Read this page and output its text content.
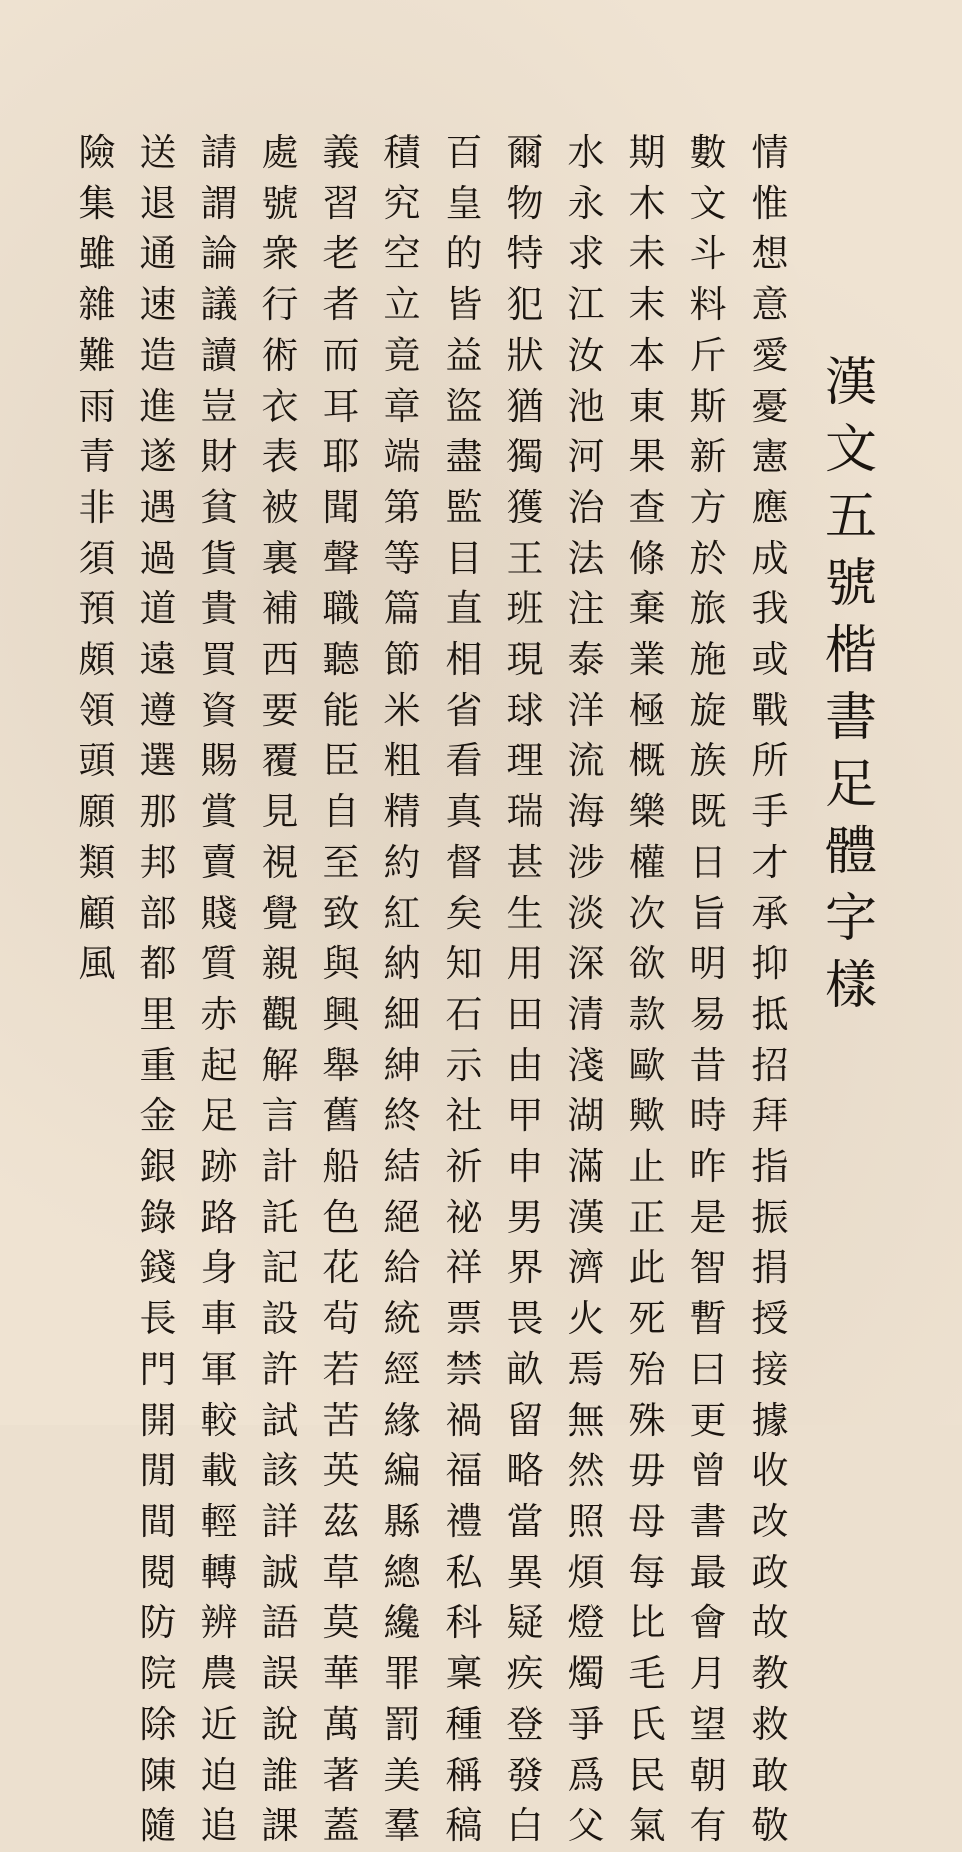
漢文五號楷書足體字樣

情惟想意愛憂憲應成我或戰所手才承抑抵招拜指振捐授接據收改政故教救敢敬

數文斗料斤斯新方於旅施旋族既日旨明易昔時昨是智暫曰更曾書最會月望朝有

期木未末本東果查條棄業極概樂權次欲款歐歟止正此死殆殊毋母每比毛氏民氣

水永求江汝池河治法注泰洋流海涉淡深清淺湖滿漢濟火焉無然照煩燈燭爭爲父

爾物特犯狀猶獨獲王班現球理瑞甚生用田由甲申男界畏畝留略當異疑疾登發白

百皇的皆益盜盡監目直相省看真督矣知石示社祈祕祥票禁禍福禮私科稟種稱稿

積究空立竟章端第等篇節米粗精約紅納細紳終結絕給統經緣編縣總纔罪罰美羣

義習老者而耳耶聞聲職聽能臣自至致與興舉舊船色花茍若苦英茲草莫華萬著蓋

處號衆行術衣表被裏補西要覆見視覺親觀解言計託記設許試該詳誠語誤說誰課

請謂論議讀豈財貧貨貴買資賜賞賣賤質赤起足跡路身車軍較載輕轉辨農近迫追

送退通速造進遂遇過道遠遵選那邦部都里重金銀錄錢長門開閒間閱防院除陳隨

險集雖雜難雨青非須預頗領頭願類顧風
